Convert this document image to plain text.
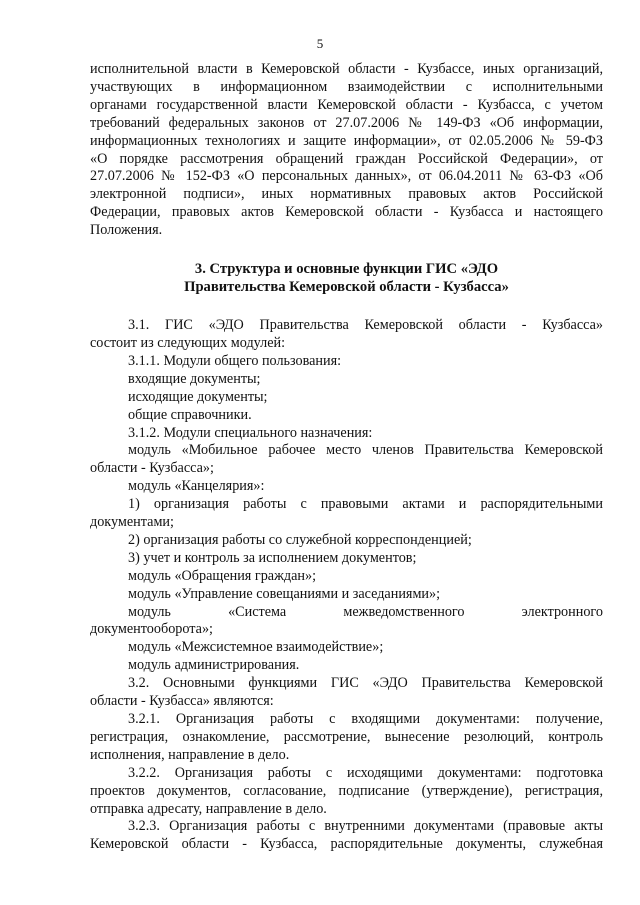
5

исполнительной власти в Кемеровской области - Кузбассе, иных организаций,

участвующих в информационном взаимодействии с исполнительными

органами государственной власти Кемеровской области - Кузбасса, с учетом

требований федеральных законов от 27.07.2006 № 149-ФЗ «Об информации,

информационных технологиях и защите информации», от 02.05.2006 № 59-ФЗ

«О порядке рассмотрения обращений граждан Российской Федерации», от

27.07.2006 № 152-ФЗ «О персональных данных», от 06.04.2011 № 63-ФЗ «Об

электронной подписи», иных нормативных правовых актов Российской

Федерации, правовых актов Кемеровской области - Кузбасса и настоящего

Положения.

3. Структура и основные функции ГИС «ЭДО

Правительства Кемеровской области - Кузбасса»

3.1. ГИС «ЭДО Правительства Кемеровской области - Кузбасса»

состоит из следующих модулей:

3.1.1. Модули общего пользования:

входящие документы;

исходящие документы;

общие справочники.

3.1.2. Модули специального назначения:

модуль «Мобильное рабочее место членов Правительства Кемеровской

области - Кузбасса»;

модуль «Канцелярия»:

1) организация работы с правовыми актами и распорядительными

документами;

2) организация работы со служебной корреспонденцией;

3) учет и контроль за исполнением документов;

модуль «Обращения граждан»;

модуль «Управление совещаниями и заседаниями»;

модуль «Система межведомственного электронного

документооборота»;

модуль «Межсистемное взаимодействие»;

модуль администрирования.

3.2. Основными функциями ГИС «ЭДО Правительства Кемеровской

области - Кузбасса» являются:

3.2.1. Организация работы с входящими документами: получение,

регистрация, ознакомление, рассмотрение, вынесение резолюций, контроль

исполнения, направление в дело.

3.2.2. Организация работы с исходящими документами: подготовка

проектов документов, согласование, подписание (утверждение), регистрация,

отправка адресату, направление в дело.

3.2.3. Организация работы с внутренними документами (правовые акты

Кемеровской области - Кузбасса, распорядительные документы, служебная
